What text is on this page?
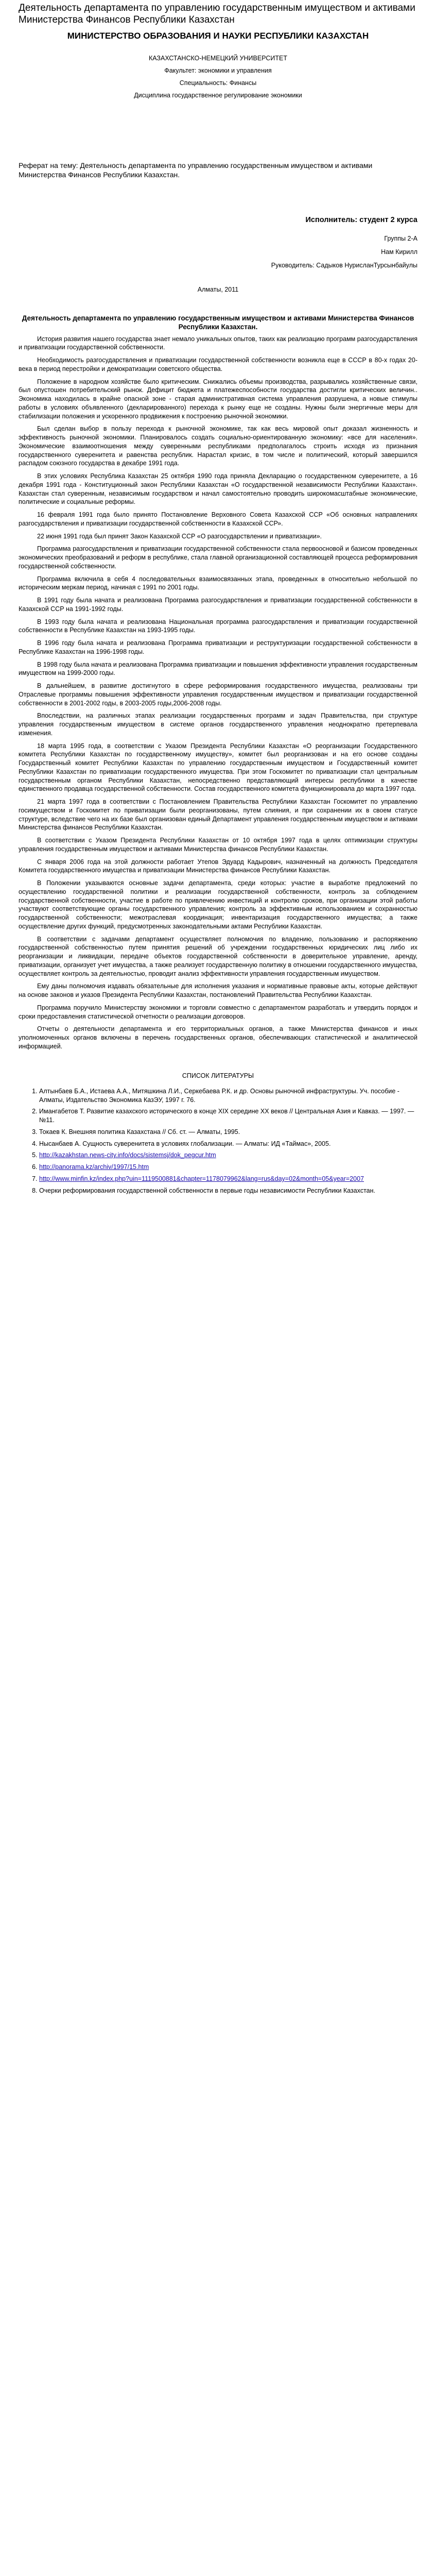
Деятельность департамента по управлению государственным имуществом и активами Министерства Финансов Республики Казахстан
МИНИСТЕРСТВО ОБРАЗОВАНИЯ И НАУКИ РЕСПУБЛИКИ КАЗАХСТАН
КАЗАХСТАНСКО-НЕМЕЦКИЙ УНИВЕРСИТЕТ
Факультет: экономики и управления
Специальность: Финансы
Дисциплина государственное регулирование экономики

Реферат на тему: Деятельность департамента по управлению государственным имуществом и активами Министерства Финансов Республики Казахстан.

Исполнитель: студент 2 курса
Группы 2-А
Нам Кирилл
Руководитель: Садыков НурисланТурсынбайулы
Алматы, 2011
Деятельность департамента по управлению государственным имуществом и активами Министерства Финансов Республики Казахстан.

История развития нашего государства знает немало уникальных опытов, таких как реализацию программ разгосударствления и приватизации государственной собственности.

Необходимость разгосударствления и приватизации государственной собственности возникла еще в СССР в 80-х годах 20-века в период перестройки и демократизации советского общества.

Положение в народном хозяйстве было критическим. Снижались объемы производства, разрывались хозяйственные связи, был опустошен потребительский рынок. Дефицит бюджета и платежеспособности государства достигли критических величин.. Экономика находилась в крайне опасной зоне - старая административная система управления разрушена, а новые стимулы работы в условиях объявленного (декларированного) перехода к рынку еще не созданы. Нужны были энергичные меры для стабилизации положения и ускоренного продвижения к построению рыночной экономики.

Был сделан выбор в пользу перехода к рыночной экономике, так как весь мировой опыт доказал жизненность и эффективность рыночной экономики. Планировалось создать социально-ориентированную экономику: «все для населения». Экономические взаимоотношения между суверенными республиками предполагалось строить исходя из признания государственного суверенитета и равенства республик. Нарастал кризис, в том числе и политический, который завершился распадом союзного государства в декабре 1991 года.

В этих условиях Республика Казахстан 25 октября 1990 года приняла Декларацию о государственном суверенитете, а 16 декабря 1991 года - Конституционный закон Республики Казахстан «О государственной независимости Республики Казахстан». Казахстан стал суверенным, независимым государством и начал самостоятельно проводить широкомасштабные экономические, политические и социальные реформы.

16 февраля 1991 года было принято Постановление Верховного Совета Казахской ССР «Об основных направлениях разгосударствления и приватизации государственной собственности в Казахской ССР».

22 июня 1991 года был принят Закон Казахской ССР «О разгосударствлении и приватизации».

Программа разгосударствления и приватизации государственной собственности стала первоосновой и базисом проведенных экономических преобразований и реформ в республике, стала главной организационной составляющей процесса реформирования государственной собственности.

Программа включила в себя 4 последовательных взаимосвязанных этапа, проведенных в относительно небольшой по историческим меркам период, начиная с 1991 по 2001 годы.

В 1991 году была начата и реализована Программа разгосударствления и приватизации государственной собственности в Казахской ССР на 1991-1992 годы.

В 1993 году была начата и реализована Национальная программа разгосударствления и приватизации государственной собственности в Республике Казахстан на 1993-1995 годы.

В 1996 году была начата и реализована Программа приватизации и реструктуризации государственной собственности в Республике Казахстан на 1996-1998 годы.

В 1998 году была начата и реализована Программа приватизации и повышения эффективности управления государственным имуществом на 1999-2000 годы.

В дальнейшем, в развитие достигнутого в сфере реформирования государственного имущества, реализованы три Отраслевые программы повышения эффективности управления государственным имуществом и приватизации государственной собственности в 2001-2002 годы, в 2003-2005 годы,2006-2008 годы.

Впоследствии, на различных этапах реализации государственных программ и задач Правительства, при структуре управления государственным имуществом в системе органов государственного управления неоднократно претерпевала изменения.

18 марта 1995 года, в соответствии с Указом Президента Республики Казахстан «О реорганизации Государственного комитета Республики Казахстан по государственному имуществу», комитет был реорганизован и на его основе созданы Государственный комитет Республики Казахстан по управлению государственным имуществом и Государственный комитет Республики Казахстан по приватизации государственного имущества. При этом Госкомитет по приватизации стал центральным государственным органом Республики Казахстан, непосредственно представляющий интересы республики в качестве единственного продавца государственной собственности. Состав государственного комитета функционировала до марта 1997 года.

21 марта 1997 года в соответствии с Постановлением Правительства Республики Казахстан Госкомитет по управлению госимуществом и Госкомитет по приватизации были реорганизованы, путем слияния, и при сохранении их в своем статусе структуре, вследствие чего на их базе был организован единый Департамент управления государственным имуществом и активами Министерства финансов Республики Казахстан.

В соответствии с Указом Президента Республики Казахстан от 10 октября 1997 года в целях оптимизации структуры управления государственным имуществом и активами Министерства финансов Республики Казахстан.

С января 2006 года на этой должности работает Утепов Эдуард Кадырович, назначенный на должность Председателя Комитета государственного имущества и приватизации Министерства финансов Республики Казахстан.

В Положении указываются основные задачи департамента, среди которых: участие в выработке предложений по осуществлению государственной политики и реализации государственной собственности, контроль за соблюдением государственной собственности, участие в работе по привлечению инвестиций и контролю сроков, при организации этой работы участвуют соответствующие органы государственного управления; контроль за эффективным использованием и сохранностью государственной собственности; межотраслевая координация; инвентаризация государственного имущества; а также осуществление других функций, предусмотренных законодательными актами Республики Казахстан.

В соответствии с задачами департамент осуществляет полномочия по владению, пользованию и распоряжению государственной собственностью путем принятия решений об учреждении государственных юридических лиц либо их реорганизации и ликвидации, передаче объектов государственной собственности в доверительное управление, аренду, приватизации, организует учет имущества, а также реализует государственную политику в отношении государственного имущества, осуществляет контроль за деятельностью, проводит анализ эффективности управления государственным имуществом.

Ему даны полномочия издавать обязательные для исполнения указания и нормативные правовые акты, которые действуют на основе законов и указов Президента Республики Казахстан, постановлений Правительства Республики Казахстан.

Программа поручило Министерству экономики и торговли совместно с департаментом разработать и утвердить порядок и сроки предоставления статистической отчетности о реализации договоров.

Отчеты о деятельности департамента и его территориальных органов, а также Министерства финансов и иных уполномоченных органов включены в перечень государственных органов, обеспечивающих статистической и аналитической информацией.

СПИСОК ЛИТЕРАТУРЫ
1. Алтынбаев Б.А., Истаева А.А., Митяшкина Л.И., Серкебаева Р.К. и др. Основы рыночной инфраструктуры. Уч. пособие - Алматы, Издательство Экономика КазЭУ, 1997 г. 76.
2. Имангабетов Т. Развитие казахского исторического в конце XIX середине XX веков // Центральная Азия и Кавказ. — 1997. — №11.
3. Токаев К. Внешняя политика Казахстана // Сб. ст. — Алматы, 1995.
4. Нысанбаев А. Сущность суверенитета в условиях глобализации. — Алматы: ИД «Таймас», 2005.
5. http://kazakhstan.news-city.info/docs/sistemsj/dok_pegcur.htm
6. http://panorama.kz/archiv/1997/15.htm
7. http://www.minfin.kz/index.php?uin=1119500881&chapter=1178079962&lang=rus&day=02&month=05&year=2007
8. Очерки реформирования государственной собственности в первые годы независимости Республики Казахстан.
